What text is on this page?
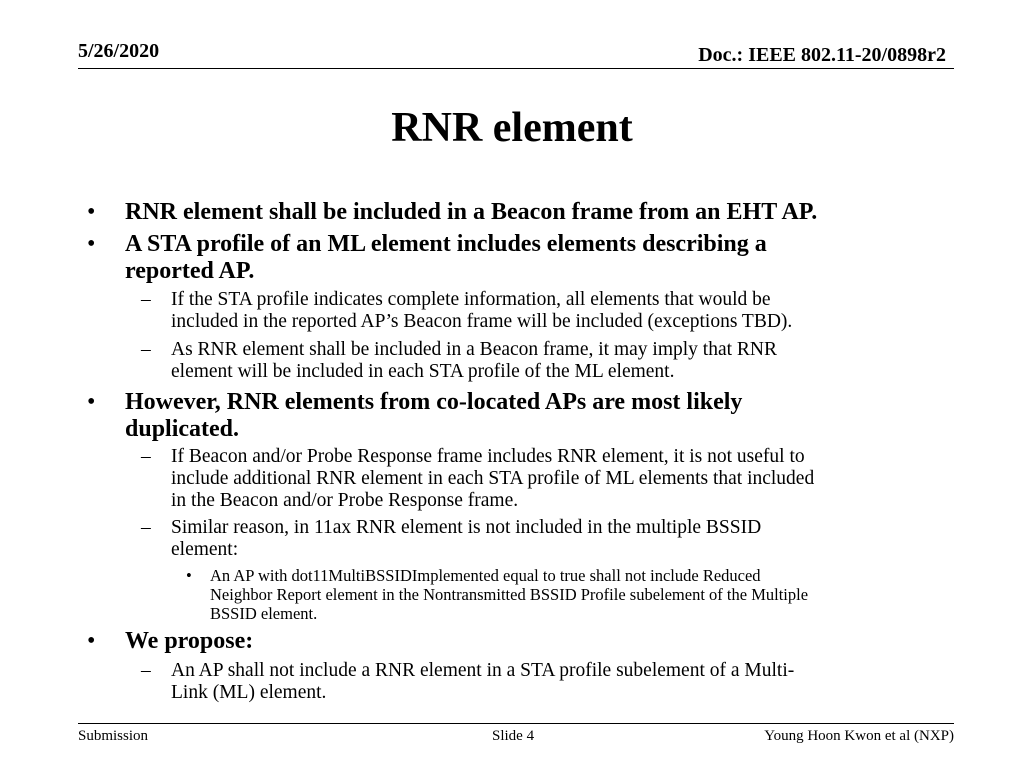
5/26/2020	Doc.: IEEE 802.11-20/0898r2
RNR element
• RNR element shall be included in a Beacon frame from an EHT AP.
• A STA profile of an ML element includes elements describing a
reported AP.
– If the STA profile indicates complete information, all elements that would be
included in the reported AP’s Beacon frame will be included (exceptions TBD).
– As RNR element shall be included in a Beacon frame, it may imply that RNR
element will be included in each STA profile of the ML element.
• However, RNR elements from co-located APs are most likely
duplicated.
– If Beacon and/or Probe Response frame includes RNR element, it is not useful to
include additional RNR element in each STA profile of ML elements that included
in the Beacon and/or Probe Response frame.
– Similar reason, in 11ax RNR element is not included in the multiple BSSID
element:
• An AP with dot11MultiBSSIDImplemented equal to true shall not include Reduced
Neighbor Report element in the Nontransmitted BSSID Profile subelement of the Multiple
BSSID element.
• We propose:
– An AP shall not include a RNR element in a STA profile subelement of a Multi-
Link (ML) element.
Submission	Slide 4	Young Hoon Kwon et al (NXP)
